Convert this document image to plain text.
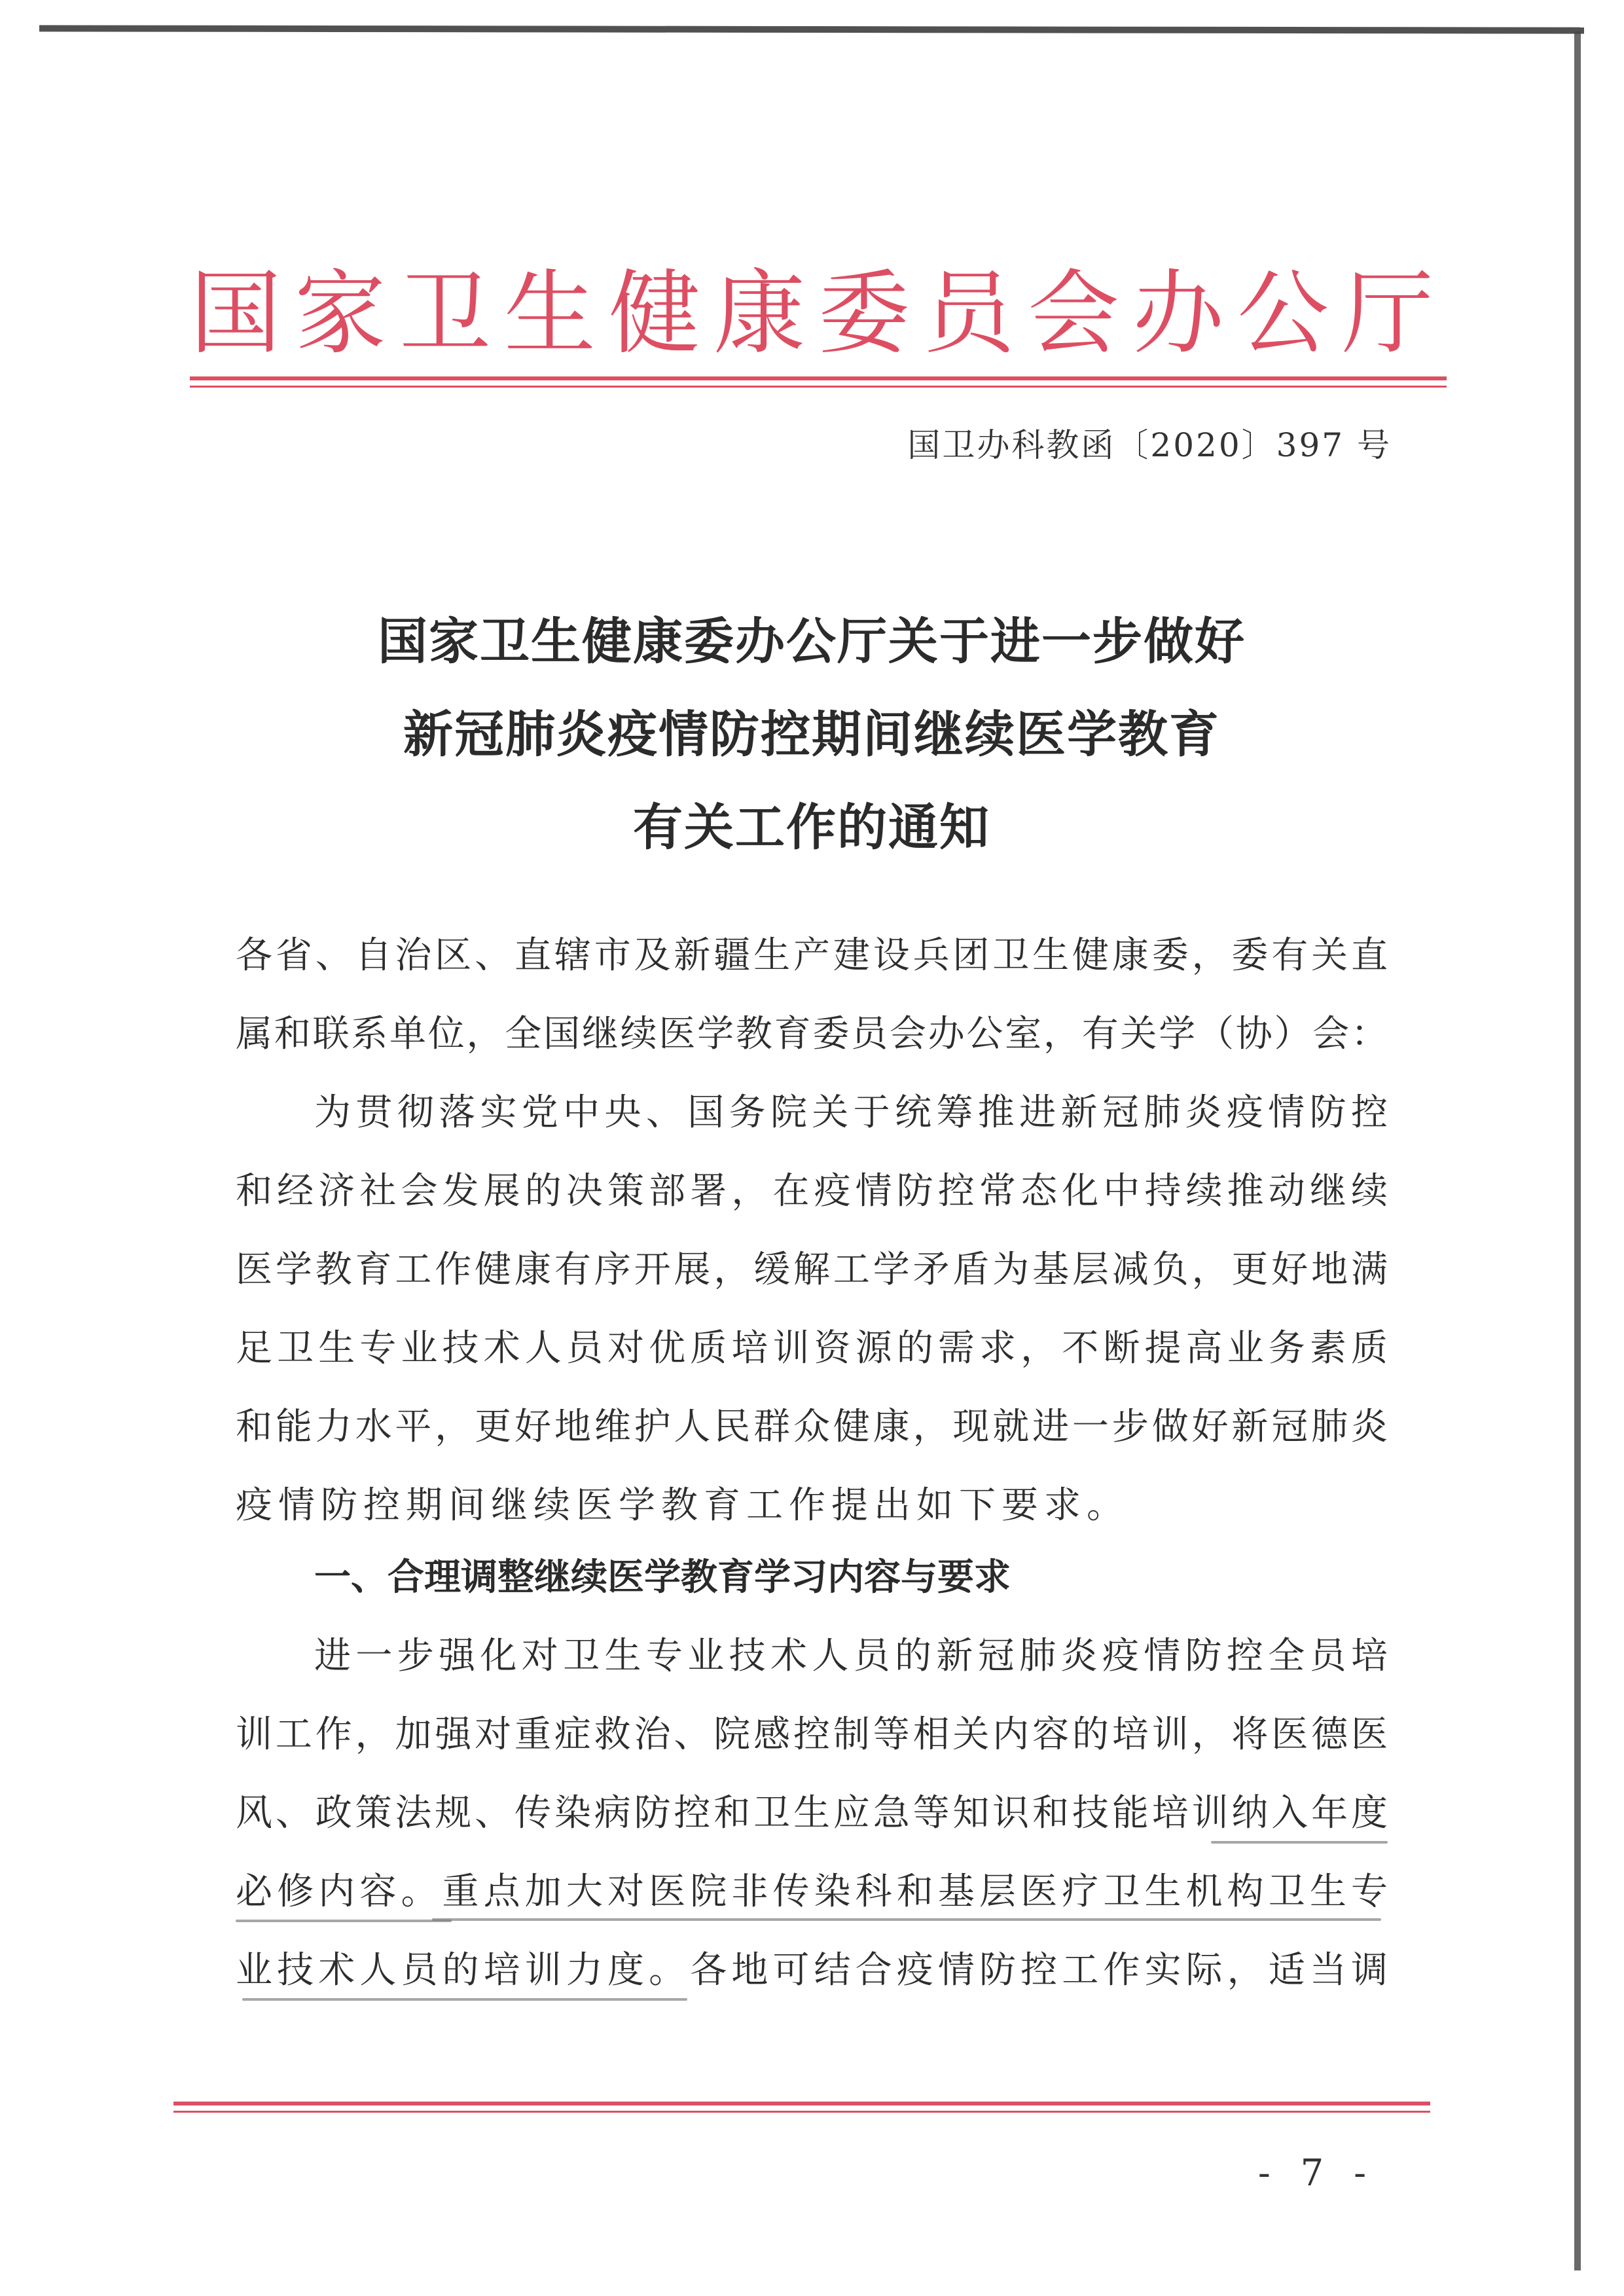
国家卫生健康委员会办公厅
国卫办科教函〔2020〕397 号
国家卫生健康委办公厅关于进一步做好
新冠肺炎疫情防控期间继续医学教育
有关工作的通知
各省、自治区、直辖市及新疆生产建设兵团卫生健康委，委有关直
属和联系单位，全国继续医学教育委员会办公室，有关学（协）会：
为贯彻落实党中央、国务院关于统筹推进新冠肺炎疫情防控
和经济社会发展的决策部署，在疫情防控常态化中持续推动继续
医学教育工作健康有序开展，缓解工学矛盾为基层减负，更好地满
足卫生专业技术人员对优质培训资源的需求，不断提高业务素质
和能力水平，更好地维护人民群众健康，现就进一步做好新冠肺炎
疫情防控期间继续医学教育工作提出如下要求。
一、合理调整继续医学教育学习内容与要求
进一步强化对卫生专业技术人员的新冠肺炎疫情防控全员培
训工作，加强对重症救治、院感控制等相关内容的培训，将医德医
风、政策法规、传染病防控和卫生应急等知识和技能培训纳入年度
必修内容。重点加大对医院非传染科和基层医疗卫生机构卫生专
业技术人员的培训力度。各地可结合疫情防控工作实际，适当调
- 7 -
